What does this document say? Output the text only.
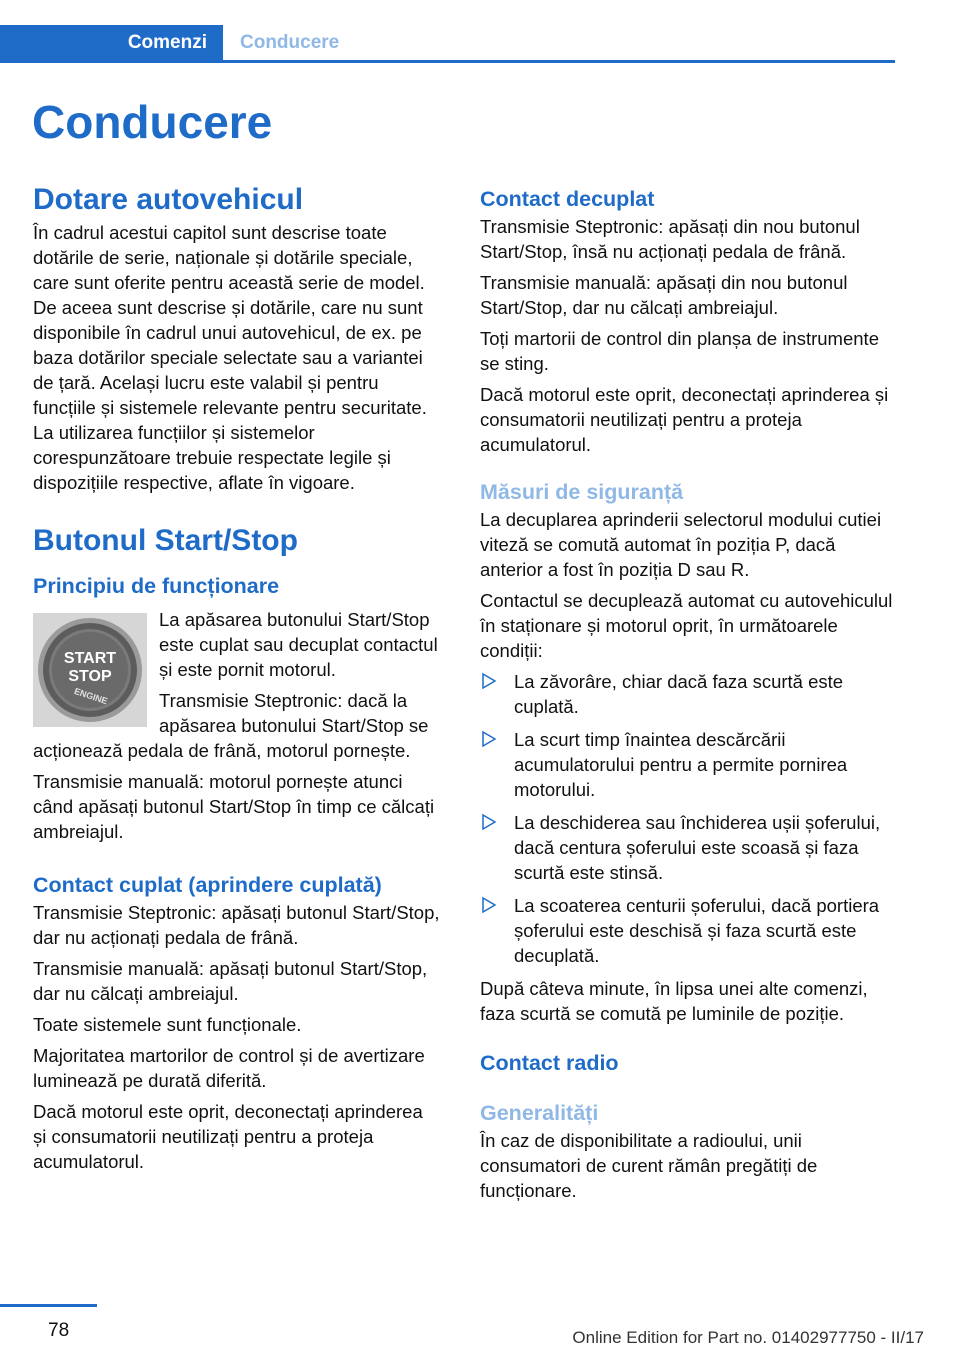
Comenzi	Conducere
Conducere
Dotare autovehicul

În cadrul acestui capitol sunt descrise toate dotările de serie, naționale și dotările speciale, care sunt oferite pentru această serie de model. De aceea sunt descrise și dotările, care nu sunt disponibile în cadrul unui autovehicul, de ex. pe baza dotărilor speciale selectate sau a variantei de țară. Același lucru este valabil și pentru funcțiile și sistemele relevante pentru securitate. La utilizarea funcțiilor și sistemelor corespunzătoare trebuie respectate legile și dispozițiile respective, aflate în vigoare.

Butonul Start/Stop
Principiu de funcționare
START
STOP
ENGINE

La apăsarea butonului Start/Stop este cuplat sau decuplat contactul și este pornit motorul.

Transmisie Steptronic: dacă la apăsarea butonului Start/Stop se acționează pedala de frână, motorul pornește.

Transmisie manuală: motorul pornește atunci când apăsați butonul Start/Stop în timp ce călcați ambreiajul.

Contact cuplat (aprindere cuplată)

Transmisie Steptronic: apăsați butonul Start/Stop, dar nu acționați pedala de frână.

Transmisie manuală: apăsați butonul Start/Stop, dar nu călcați ambreiajul.

Toate sistemele sunt funcționale.

Majoritatea martorilor de control și de avertizare luminează pe durată diferită.

Dacă motorul este oprit, deconectați aprinderea și consumatorii neutilizați pentru a proteja acumulatorul.

Contact decuplat

Transmisie Steptronic: apăsați din nou butonul Start/Stop, însă nu acționați pedala de frână.

Transmisie manuală: apăsați din nou butonul Start/Stop, dar nu călcați ambreiajul.

Toți martorii de control din planșa de instrumente se sting.

Dacă motorul este oprit, deconectați aprinderea și consumatorii neutilizați pentru a proteja acumulatorul.

Măsuri de siguranță

La decuplarea aprinderii selectorul modului cutiei viteză se comută automat în poziția P, dacă anterior a fost în poziția D sau R.

Contactul se decuplează automat cu autovehiculul în staționare și motorul oprit, în următoarele condiții:

La zăvorâre, chiar dacă faza scurtă este cuplată.
La scurt timp înaintea descărcării acumulatorului pentru a permite pornirea motorului.
La deschiderea sau închiderea ușii șoferului, dacă centura șoferului este scoasă și faza scurtă este stinsă.
La scoaterea centurii șoferului, dacă portiera șoferului este deschisă și faza scurtă este decuplată.

După câteva minute, în lipsa unei alte comenzi, faza scurtă se comută pe luminile de poziție.

Contact radio
Generalități

În caz de disponibilitate a radioului, unii consumatori de curent rămân pregătiți de funcționare.

78	Online Edition for Part no. 01402977750 - II/17
